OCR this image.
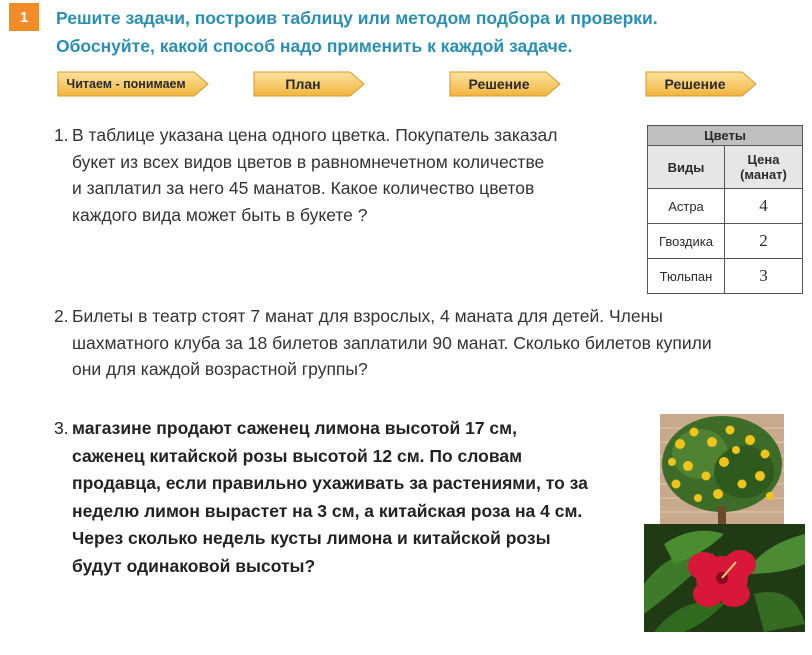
1	Решите задачи, построив таблицу или методом подбора и проверки.
Обоснуйте, какой способ надо применить к каждой задаче.
Читаем - понимаем	План	Решение	Решение
1. В таблице указана цена одного цветка. Покупатель заказал
букет из всех видов цветов в равномнечетном количестве
и заплатил за него 45 манатов. Какое количество цветов
каждого вида может быть в букете ?
Цветы	
Виды	Цена
(манат)

Астра	4
Гвоздика	2
Тюльпан	3
2. Билеты в театр стоят 7 манат для взрослых, 4 маната для детей. Члены
шахматного клуба за 18 билетов заплатили 90 манат. Сколько билетов купили
они для каждой возрастной группы?
3. магазине продают саженец лимона высотой 17 см,
саженец китайской розы высотой 12 см. По словам
продавца, если правильно ухаживать за растениями, то за
неделю лимон вырастет на 3 см, а китайская роза на 4 см.
Через сколько недель кусты лимона и китайской розы
будут одинаковой высоты?
